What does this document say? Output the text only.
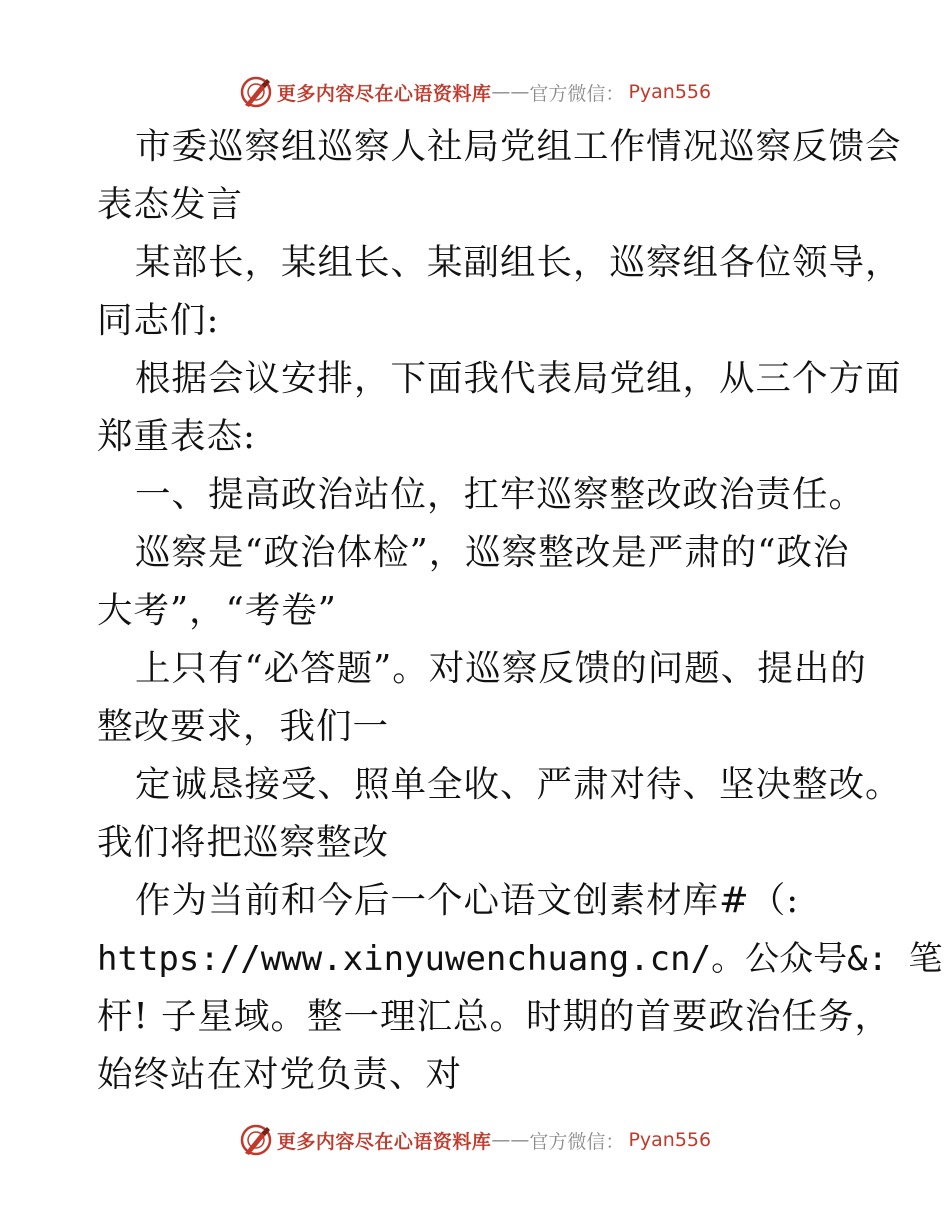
更多内容尽在心语资料库 —— 官方微信： Pyan556
市委巡察组巡察人社局党组工作情况巡察反馈会
表态发言
某部长，某组长、某副组长，巡察组各位领导，
同志们:
根据会议安排，下面我代表局党组，从三个方面
郑重表态:
一、提高政治站位，扛牢巡察整改政治责任。
巡察是“政治体检”，巡察整改是严肃的“政治
大考”，“考卷”
上只有“必答题”。对巡察反馈的问题、提出的
整改要求，我们一
定诚恳接受、照单全收、严肃对待、坚决整改。
我们将把巡察整改
作为当前和今后一个心语文创素材库#（:
https://www.xinyuwenchuang.cn/。公众号&: 笔
杆! 子星域。整一理汇总。时期的首要政治任务，
始终站在对党负责、对
更多内容尽在心语资料库 —— 官方微信： Pyan556
